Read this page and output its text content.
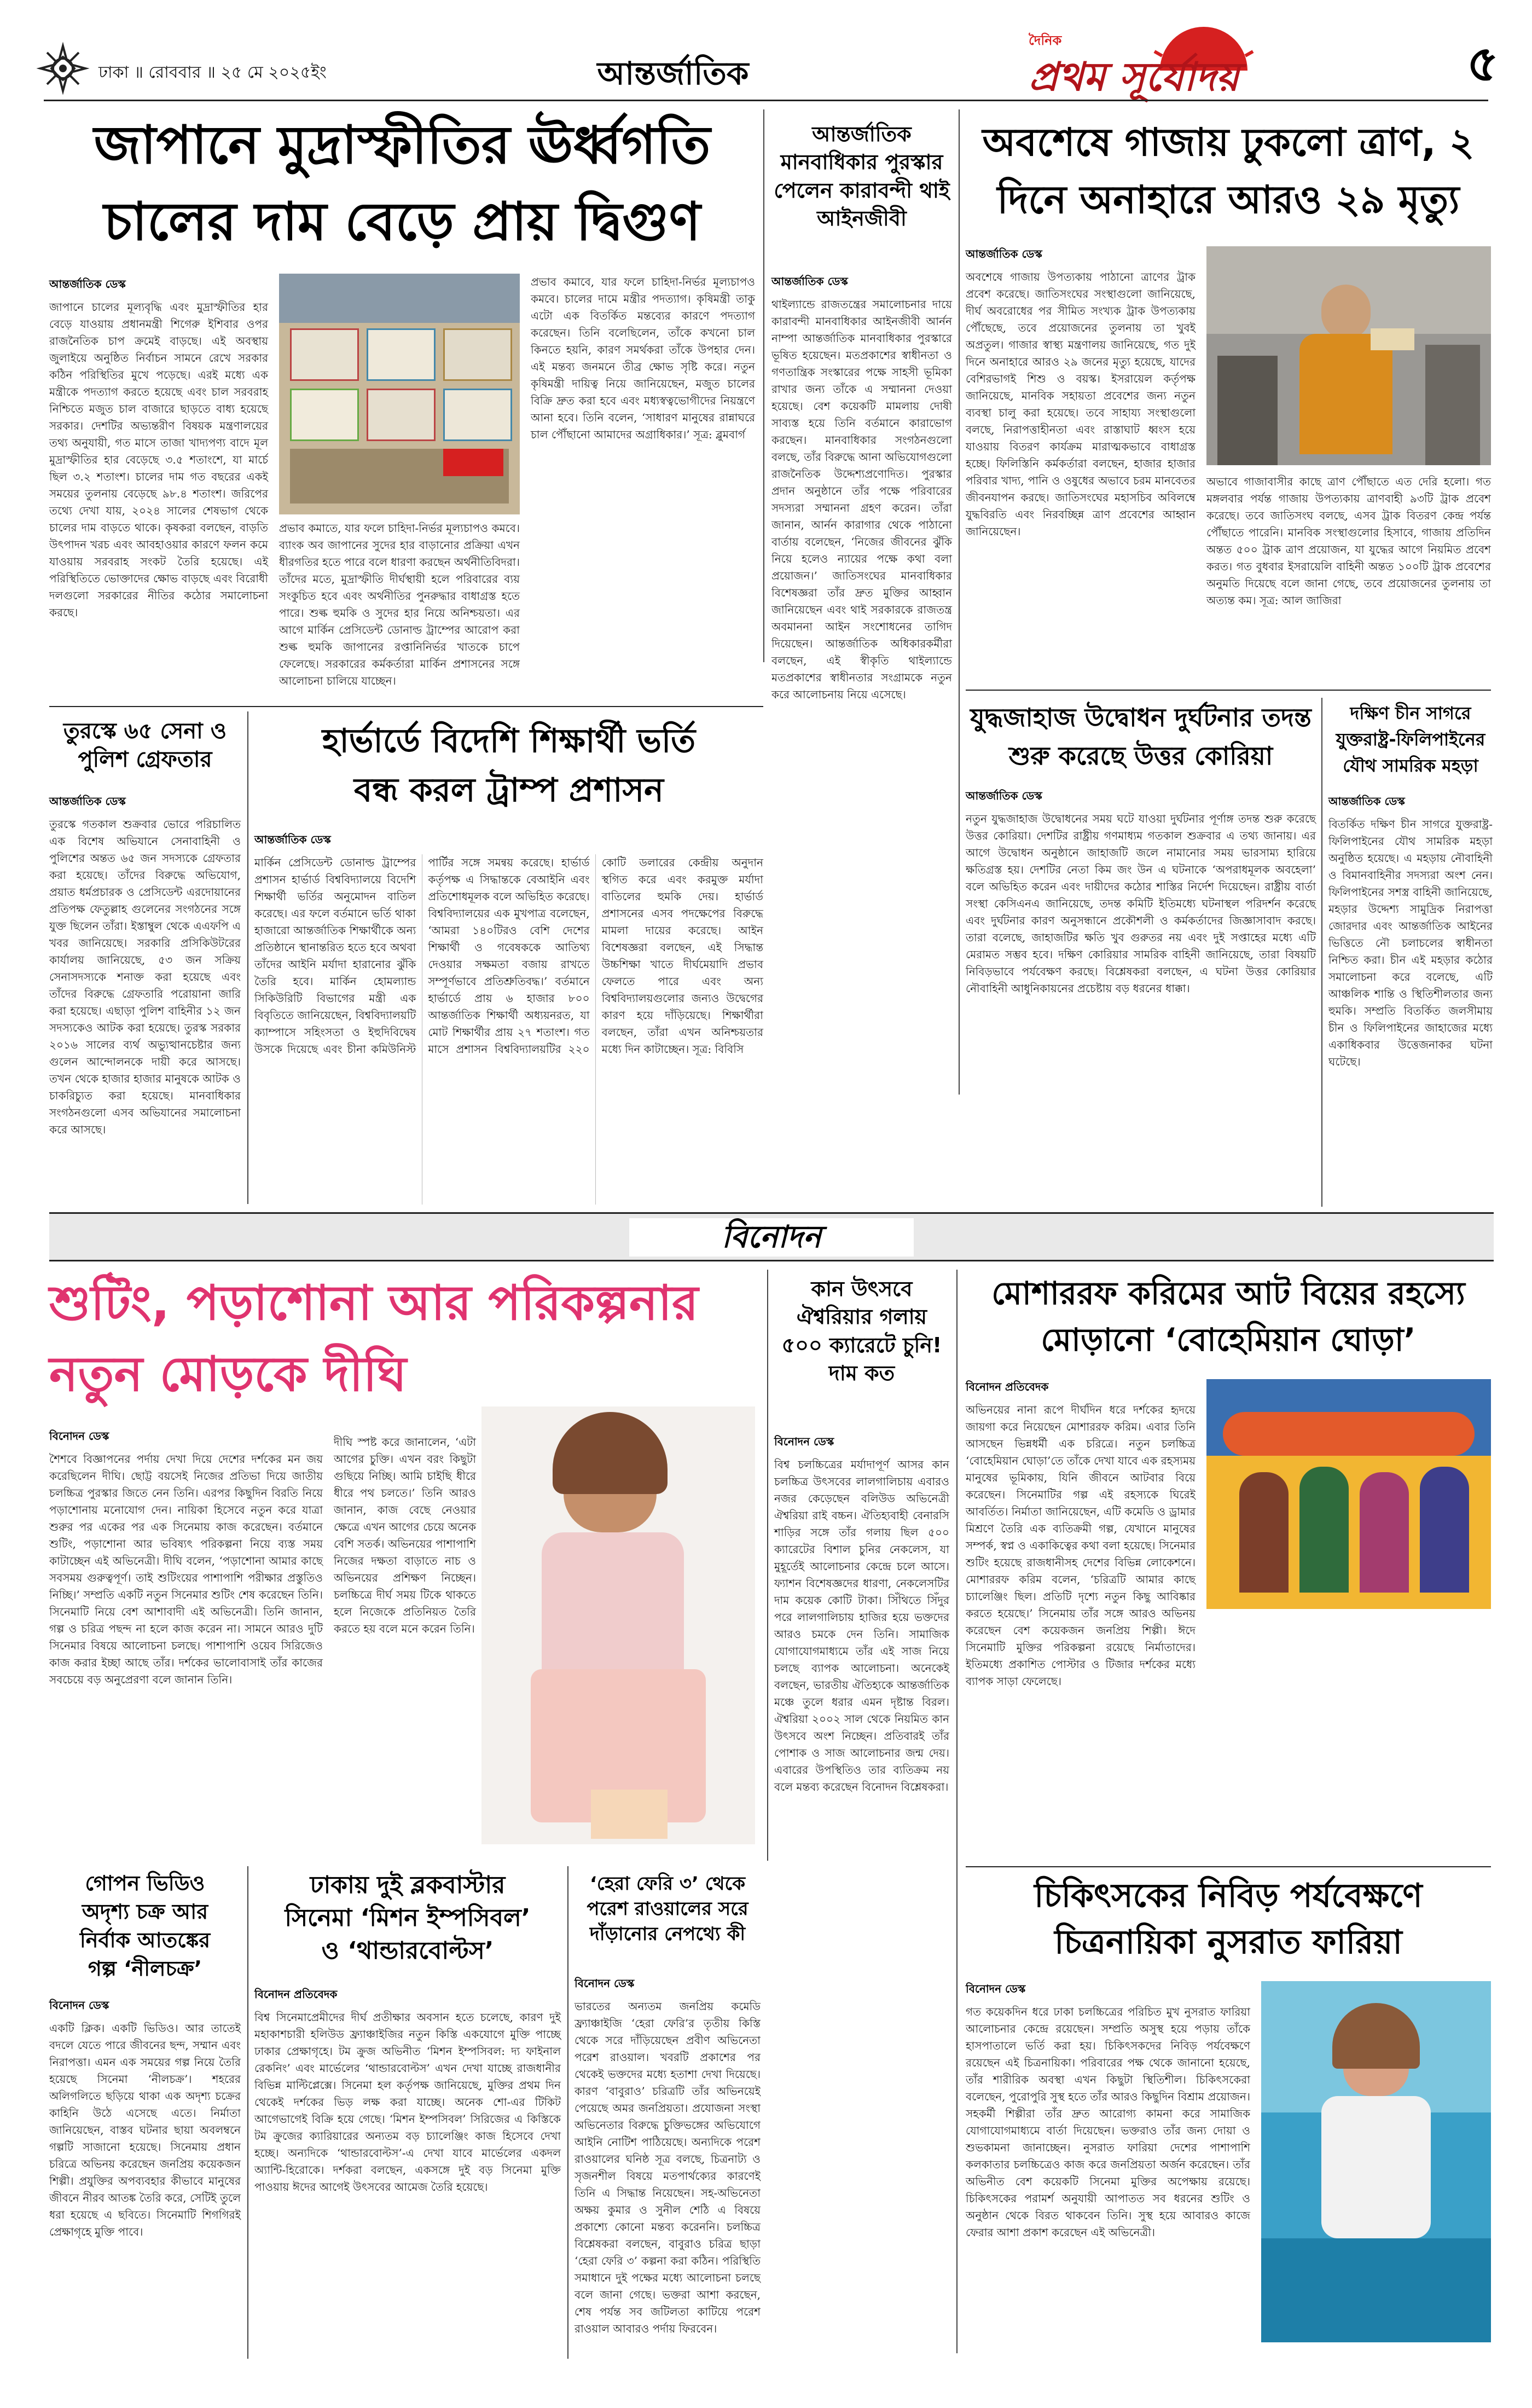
ঢাকা ॥ রোববার ॥ ২৫ মে ২০২৫ইং	আন্তর্জাতিক
দৈনিক
প্রথম সূর্যোদয়	৫
জাপানে মুদ্রাস্ফীতির ঊর্ধ্বগতি
চালের দাম বেড়ে প্রায় দ্বিগুণ

আন্তর্জাতিক ডেস্ক

জাপানে চালের মূল্যবৃদ্ধি এবং মুদ্রাস্ফীতির হার বেড়ে যাওয়ায় প্রধানমন্ত্রী শিগেরু ইশিবার ওপর রাজনৈতিক চাপ ক্রমেই বাড়ছে। এই অবস্থায় জুলাইয়ে অনুষ্ঠিত নির্বাচন সামনে রেখে সরকার কঠিন পরিস্থিতির মুখে পড়েছে। এরই মধ্যে এক মন্ত্রীকে পদত্যাগ করতে হয়েছে এবং চাল সরবরাহ নিশ্চিতে মজুত চাল বাজারে ছাড়তে বাধ্য হয়েছে সরকার। দেশটির অভ্যন্তরীণ বিষয়ক মন্ত্রণালয়ের তথ্য অনুযায়ী, গত মাসে তাজা খাদ্যপণ্য বাদে মূল মুদ্রাস্ফীতির হার বেড়েছে ৩.৫ শতাংশে, যা মার্চে ছিল ৩.২ শতাংশ। চালের দাম গত বছরের একই সময়ের তুলনায় বেড়েছে ৯৮.৪ শতাংশ। জরিপের তথ্যে দেখা যায়, ২০২৪ সালের শেষভাগ থেকে চালের দাম বাড়তে থাকে। কৃষকরা বলছেন, বাড়তি উৎপাদন খরচ এবং আবহাওয়ার কারণে ফলন কমে যাওয়ায় সরবরাহ সংকট তৈরি হয়েছে। এই পরিস্থিতিতে ভোক্তাদের ক্ষোভ বাড়ছে এবং বিরোধী দলগুলো সরকারের নীতির কঠোর সমালোচনা করছে।

প্রভাব কমাতে, যার ফলে চাহিদা-নির্ভর মূল্যচাপও কমবে। ব্যাংক অব জাপানের সুদের হার বাড়ানোর প্রক্রিয়া এখন ধীরগতির হতে পারে বলে ধারণা করছেন অর্থনীতিবিদরা। তাঁদের মতে, মুদ্রাস্ফীতি দীর্ঘস্থায়ী হলে পরিবারের ব্যয় সংকুচিত হবে এবং অর্থনীতির পুনরুদ্ধার বাধাগ্রস্ত হতে পারে। শুল্ক হুমকি ও সুদের হার নিয়ে অনিশ্চয়তা। এর আগে মার্কিন প্রেসিডেন্ট ডোনাল্ড ট্রাম্পের আরোপ করা শুল্ক হুমকি জাপানের রপ্তানিনির্ভর খাতকে চাপে ফেলেছে। সরকারের কর্মকর্তারা মার্কিন প্রশাসনের সঙ্গে আলোচনা চালিয়ে যাচ্ছেন।

প্রভাব কমাবে, যার ফলে চাহিদা-নির্ভর মূল্যচাপও কমবে। চালের দামে মন্ত্রীর পদত্যাগ। কৃষিমন্ত্রী তাকু এটো এক বিতর্কিত মন্তব্যের কারণে পদত্যাগ করেছেন। তিনি বলেছিলেন, তাঁকে কখনো চাল কিনতে হয়নি, কারণ সমর্থকরা তাঁকে উপহার দেন। এই মন্তব্য জনমনে তীব্র ক্ষোভ সৃষ্টি করে। নতুন কৃষিমন্ত্রী দায়িত্ব নিয়ে জানিয়েছেন, মজুত চালের বিক্রি দ্রুত করা হবে এবং মধ্যস্বত্বভোগীদের নিয়ন্ত্রণে আনা হবে। তিনি বলেন, ‘সাধারণ মানুষের রান্নাঘরে চাল পৌঁছানো আমাদের অগ্রাধিকার।’ সূত্র: ব্লুমবার্গ

আন্তর্জাতিক মানবাধিকার পুরস্কার পেলেন কারাবন্দী থাই আইনজীবী

আন্তর্জাতিক ডেস্ক

থাইল্যান্ডে রাজতন্ত্রের সমালোচনার দায়ে কারাবন্দী মানবাধিকার আইনজীবী আর্নন নাম্পা আন্তর্জাতিক মানবাধিকার পুরস্কারে ভূষিত হয়েছেন। মতপ্রকাশের স্বাধীনতা ও গণতান্ত্রিক সংস্কারের পক্ষে সাহসী ভূমিকা রাখার জন্য তাঁকে এ সম্মাননা দেওয়া হয়েছে। বেশ কয়েকটি মামলায় দোষী সাব্যস্ত হয়ে তিনি বর্তমানে কারাভোগ করছেন। মানবাধিকার সংগঠনগুলো বলছে, তাঁর বিরুদ্ধে আনা অভিযোগগুলো রাজনৈতিক উদ্দেশ্যপ্রণোদিত। পুরস্কার প্রদান অনুষ্ঠানে তাঁর পক্ষে পরিবারের সদস্যরা সম্মাননা গ্রহণ করেন। তাঁরা জানান, আর্নন কারাগার থেকে পাঠানো বার্তায় বলেছেন, ‘নিজের জীবনের ঝুঁকি নিয়ে হলেও ন্যায়ের পক্ষে কথা বলা প্রয়োজন।’ জাতিসংঘের মানবাধিকার বিশেষজ্ঞরা তাঁর দ্রুত মুক্তির আহ্বান জানিয়েছেন এবং থাই সরকারকে রাজতন্ত্র অবমাননা আইন সংশোধনের তাগিদ দিয়েছেন। আন্তর্জাতিক অধিকারকর্মীরা বলছেন, এই স্বীকৃতি থাইল্যান্ডে মতপ্রকাশের স্বাধীনতার সংগ্রামকে নতুন করে আলোচনায় নিয়ে এসেছে।

অবশেষে গাজায় ঢুকলো ত্রাণ, ২
দিনে অনাহারে আরও ২৯ মৃত্যু

আন্তর্জাতিক ডেস্ক

অবশেষে গাজায় উপত্যকায় পাঠানো ত্রাণের ট্রাক প্রবেশ করেছে। জাতিসংঘের সংস্থাগুলো জানিয়েছে, দীর্ঘ অবরোধের পর সীমিত সংখ্যক ট্রাক উপত্যকায় পৌঁছেছে, তবে প্রয়োজনের তুলনায় তা খুবই অপ্রতুল। গাজার স্বাস্থ্য মন্ত্রণালয় জানিয়েছে, গত দুই দিনে অনাহারে আরও ২৯ জনের মৃত্যু হয়েছে, যাদের বেশিরভাগই শিশু ও বয়স্ক। ইসরায়েল কর্তৃপক্ষ জানিয়েছে, মানবিক সহায়তা প্রবেশের জন্য নতুন ব্যবস্থা চালু করা হয়েছে। তবে সাহায্য সংস্থাগুলো বলছে, নিরাপত্তাহীনতা এবং রাস্তাঘাট ধ্বংস হয়ে যাওয়ায় বিতরণ কার্যক্রম মারাত্মকভাবে বাধাগ্রস্ত হচ্ছে। ফিলিস্তিনি কর্মকর্তারা বলছেন, হাজার হাজার পরিবার খাদ্য, পানি ও ওষুধের অভাবে চরম মানবেতর জীবনযাপন করছে। জাতিসংঘের মহাসচিব অবিলম্বে যুদ্ধবিরতি এবং নিরবচ্ছিন্ন ত্রাণ প্রবেশের আহ্বান জানিয়েছেন।

অভাবে গাজাবাসীর কাছে ত্রাণ পৌঁছাতে এত দেরি হলো। গত মঙ্গলবার পর্যন্ত গাজায় উপত্যকায় ত্রাণবাহী ৯৩টি ট্রাক প্রবেশ করেছে। তবে জাতিসংঘ বলছে, এসব ট্রাক বিতরণ কেন্দ্র পর্যন্ত পৌঁছাতে পারেনি। মানবিক সংস্থাগুলোর হিসাবে, গাজায় প্রতিদিন অন্তত ৫০০ ট্রাক ত্রাণ প্রয়োজন, যা যুদ্ধের আগে নিয়মিত প্রবেশ করত। গত বুধবার ইসরায়েলি বাহিনী অন্তত ১০০টি ট্রাক প্রবেশের অনুমতি দিয়েছে বলে জানা গেছে, তবে প্রয়োজনের তুলনায় তা অত্যন্ত কম। সূত্র: আল জাজিরা

তুরস্কে ৬৫ সেনা ও পুলিশ গ্রেফতার

আন্তর্জাতিক ডেস্ক

তুরস্কে গতকাল শুক্রবার ভোরে পরিচালিত এক বিশেষ অভিযানে সেনাবাহিনী ও পুলিশের অন্তত ৬৫ জন সদস্যকে গ্রেফতার করা হয়েছে। তাঁদের বিরুদ্ধে অভিযোগ, প্রয়াত ধর্মপ্রচারক ও প্রেসিডেন্ট এরদোয়ানের প্রতিপক্ষ ফেতুল্লাহ গুলেনের সংগঠনের সঙ্গে যুক্ত ছিলেন তাঁরা। ইস্তাম্বুল থেকে এএফপি এ খবর জানিয়েছে। সরকারি প্রসিকিউটরের কার্যালয় জানিয়েছে, ৫৩ জন সক্রিয় সেনাসদস্যকে শনাক্ত করা হয়েছে এবং তাঁদের বিরুদ্ধে গ্রেফতারি পরোয়ানা জারি করা হয়েছে। এছাড়া পুলিশ বাহিনীর ১২ জন সদস্যকেও আটক করা হয়েছে। তুরস্ক সরকার ২০১৬ সালের ব্যর্থ অভ্যুত্থানচেষ্টার জন্য গুলেন আন্দোলনকে দায়ী করে আসছে। তখন থেকে হাজার হাজার মানুষকে আটক ও চাকরিচ্যুত করা হয়েছে। মানবাধিকার সংগঠনগুলো এসব অভিযানের সমালোচনা করে আসছে।

হার্ভার্ডে বিদেশি শিক্ষার্থী ভর্তি
বন্ধ করল ট্রাম্প প্রশাসন

আন্তর্জাতিক ডেস্ক

মার্কিন প্রেসিডেন্ট ডোনাল্ড ট্রাম্পের প্রশাসন হার্ভার্ড বিশ্ববিদ্যালয়ে বিদেশি শিক্ষার্থী ভর্তির অনুমোদন বাতিল করেছে। এর ফলে বর্তমানে ভর্তি থাকা হাজারো আন্তর্জাতিক শিক্ষার্থীকে অন্য প্রতিষ্ঠানে স্থানান্তরিত হতে হবে অথবা তাঁদের আইনি মর্যাদা হারানোর ঝুঁকি তৈরি হবে। মার্কিন হোমল্যান্ড সিকিউরিটি বিভাগের মন্ত্রী এক বিবৃতিতে জানিয়েছেন, বিশ্ববিদ্যালয়টি ক্যাম্পাসে সহিংসতা ও ইহুদিবিদ্বেষ উসকে দিয়েছে এবং চীনা কমিউনিস্ট পার্টির সঙ্গে সমন্বয় করেছে। হার্ভার্ড কর্তৃপক্ষ এ সিদ্ধান্তকে বেআইনি এবং প্রতিশোধমূলক বলে অভিহিত করেছে। বিশ্ববিদ্যালয়ের এক মুখপাত্র বলেছেন, ‘আমরা ১৪০টিরও বেশি দেশের শিক্ষার্থী ও গবেষককে আতিথ্য দেওয়ার সক্ষমতা বজায় রাখতে সম্পূর্ণভাবে প্রতিশ্রুতিবদ্ধ।’ বর্তমানে হার্ভার্ডে প্রায় ৬ হাজার ৮০০ আন্তর্জাতিক শিক্ষার্থী অধ্যয়নরত, যা মোট শিক্ষার্থীর প্রায় ২৭ শতাংশ। গত মাসে প্রশাসন বিশ্ববিদ্যালয়টির ২২০ কোটি ডলারের কেন্দ্রীয় অনুদান স্থগিত করে এবং করমুক্ত মর্যাদা বাতিলের হুমকি দেয়। হার্ভার্ড প্রশাসনের এসব পদক্ষেপের বিরুদ্ধে মামলা দায়ের করেছে। আইন বিশেষজ্ঞরা বলছেন, এই সিদ্ধান্ত উচ্চশিক্ষা খাতে দীর্ঘমেয়াদি প্রভাব ফেলতে পারে এবং অন্য বিশ্ববিদ্যালয়গুলোর জন্যও উদ্বেগের কারণ হয়ে দাঁড়িয়েছে। শিক্ষার্থীরা বলছেন, তাঁরা এখন অনিশ্চয়তার মধ্যে দিন কাটাচ্ছেন। সূত্র: বিবিসি

যুদ্ধজাহাজ উদ্বোধন দুর্ঘটনার তদন্ত
শুরু করেছে উত্তর কোরিয়া

আন্তর্জাতিক ডেস্ক

নতুন যুদ্ধজাহাজ উদ্বোধনের সময় ঘটে যাওয়া দুর্ঘটনার পূর্ণাঙ্গ তদন্ত শুরু করেছে উত্তর কোরিয়া। দেশটির রাষ্ট্রীয় গণমাধ্যম গতকাল শুক্রবার এ তথ্য জানায়। এর আগে উদ্বোধন অনুষ্ঠানে জাহাজটি জলে নামানোর সময় ভারসাম্য হারিয়ে ক্ষতিগ্রস্ত হয়। দেশটির নেতা কিম জং উন এ ঘটনাকে ‘অপরাধমূলক অবহেলা’ বলে অভিহিত করেন এবং দায়ীদের কঠোর শাস্তির নির্দেশ দিয়েছেন। রাষ্ট্রীয় বার্তা সংস্থা কেসিএনএ জানিয়েছে, তদন্ত কমিটি ইতিমধ্যে ঘটনাস্থল পরিদর্শন করেছে এবং দুর্ঘটনার কারণ অনুসন্ধানে প্রকৌশলী ও কর্মকর্তাদের জিজ্ঞাসাবাদ করছে। তারা বলেছে, জাহাজটির ক্ষতি খুব গুরুতর নয় এবং দুই সপ্তাহের মধ্যে এটি মেরামত সম্ভব হবে। দক্ষিণ কোরিয়ার সামরিক বাহিনী জানিয়েছে, তারা বিষয়টি নিবিড়ভাবে পর্যবেক্ষণ করছে। বিশ্লেষকরা বলছেন, এ ঘটনা উত্তর কোরিয়ার নৌবাহিনী আধুনিকায়নের প্রচেষ্টায় বড় ধরনের ধাক্কা।

দক্ষিণ চীন সাগরে
যুক্তরাষ্ট্র-ফিলিপাইনের
যৌথ সামরিক মহড়া

আন্তর্জাতিক ডেস্ক

বিতর্কিত দক্ষিণ চীন সাগরে যুক্তরাষ্ট্র-ফিলিপাইনের যৌথ সামরিক মহড়া অনুষ্ঠিত হয়েছে। এ মহড়ায় নৌবাহিনী ও বিমানবাহিনীর সদস্যরা অংশ নেন। ফিলিপাইনের সশস্ত্র বাহিনী জানিয়েছে, মহড়ার উদ্দেশ্য সামুদ্রিক নিরাপত্তা জোরদার এবং আন্তর্জাতিক আইনের ভিত্তিতে নৌ চলাচলের স্বাধীনতা নিশ্চিত করা। চীন এই মহড়ার কঠোর সমালোচনা করে বলেছে, এটি আঞ্চলিক শান্তি ও স্থিতিশীলতার জন্য হুমকি। সম্প্রতি বিতর্কিত জলসীমায় চীন ও ফিলিপাইনের জাহাজের মধ্যে একাধিকবার উত্তেজনাকর ঘটনা ঘটেছে।

বিনোদন
শুটিং, পড়াশোনা আর পরিকল্পনার
নতুন মোড়কে দীঘি

বিনোদন ডেস্ক

শৈশবে বিজ্ঞাপনের পর্দায় দেখা দিয়ে দেশের দর্শকের মন জয় করেছিলেন দীঘি। ছোট্ট বয়সেই নিজের প্রতিভা দিয়ে জাতীয় চলচ্চিত্র পুরস্কার জিতে নেন তিনি। এরপর কিছুদিন বিরতি নিয়ে পড়াশোনায় মনোযোগ দেন। নায়িকা হিসেবে নতুন করে যাত্রা শুরুর পর একের পর এক সিনেমায় কাজ করেছেন। বর্তমানে শুটিং, পড়াশোনা আর ভবিষ্যৎ পরিকল্পনা নিয়ে ব্যস্ত সময় কাটাচ্ছেন এই অভিনেত্রী। দীঘি বলেন, ‘পড়াশোনা আমার কাছে সবসময় গুরুত্বপূর্ণ। তাই শুটিংয়ের পাশাপাশি পরীক্ষার প্রস্তুতিও নিচ্ছি।’ সম্প্রতি একটি নতুন সিনেমার শুটিং শেষ করেছেন তিনি। সিনেমাটি নিয়ে বেশ আশাবাদী এই অভিনেত্রী। তিনি জানান, গল্প ও চরিত্র পছন্দ না হলে কাজ করেন না। সামনে আরও দুটি সিনেমার বিষয়ে আলোচনা চলছে। পাশাপাশি ওয়েব সিরিজেও কাজ করার ইচ্ছা আছে তাঁর। দর্শকের ভালোবাসাই তাঁর কাজের সবচেয়ে বড় অনুপ্রেরণা বলে জানান তিনি।

দীঘি স্পষ্ট করে জানালেন, ‘এটা আগের চুক্তি। এখন বরং কিছুটা গুছিয়ে নিচ্ছি। আমি চাইছি ধীরে ধীরে পথ চলতে।’ তিনি আরও জানান, কাজ বেছে নেওয়ার ক্ষেত্রে এখন আগের চেয়ে অনেক বেশি সতর্ক। অভিনয়ের পাশাপাশি নিজের দক্ষতা বাড়াতে নাচ ও অভিনয়ের প্রশিক্ষণ নিচ্ছেন। চলচ্চিত্রে দীর্ঘ সময় টিকে থাকতে হলে নিজেকে প্রতিনিয়ত তৈরি করতে হয় বলে মনে করেন তিনি।

কান উৎসবে ঐশ্বরিয়ার গলায় ৫০০ ক্যারেটে চুনি! দাম কত

বিনোদন ডেস্ক

বিশ্ব চলচ্চিত্রের মর্যাদাপূর্ণ আসর কান চলচ্চিত্র উৎসবের লালগালিচায় এবারও নজর কেড়েছেন বলিউড অভিনেত্রী ঐশ্বরিয়া রাই বচ্চন। ঐতিহ্যবাহী বেনারসি শাড়ির সঙ্গে তাঁর গলায় ছিল ৫০০ ক্যারেটের বিশাল চুনির নেকলেস, যা মুহূর্তেই আলোচনার কেন্দ্রে চলে আসে। ফ্যাশন বিশেষজ্ঞদের ধারণা, নেকলেসটির দাম কয়েক কোটি টাকা। সিঁথিতে সিঁদুর পরে লালগালিচায় হাজির হয়ে ভক্তদের আরও চমকে দেন তিনি। সামাজিক যোগাযোগমাধ্যমে তাঁর এই সাজ নিয়ে চলছে ব্যাপক আলোচনা। অনেকেই বলছেন, ভারতীয় ঐতিহ্যকে আন্তর্জাতিক মঞ্চে তুলে ধরার এমন দৃষ্টান্ত বিরল। ঐশ্বরিয়া ২০০২ সাল থেকে নিয়মিত কান উৎসবে অংশ নিচ্ছেন। প্রতিবারই তাঁর পোশাক ও সাজ আলোচনার জন্ম দেয়। এবারের উপস্থিতিও তার ব্যতিক্রম নয় বলে মন্তব্য করেছেন বিনোদন বিশ্লেষকরা।

মোশাররফ করিমের আট বিয়ের রহস্যে
মোড়ানো ‘বোহেমিয়ান ঘোড়া’

বিনোদন প্রতিবেদক

অভিনয়ের নানা রূপে দীর্ঘদিন ধরে দর্শকের হৃদয়ে জায়গা করে নিয়েছেন মোশাররফ করিম। এবার তিনি আসছেন ভিন্নধর্মী এক চরিত্রে। নতুন চলচ্চিত্র ‘বোহেমিয়ান ঘোড়া’তে তাঁকে দেখা যাবে এক রহস্যময় মানুষের ভূমিকায়, যিনি জীবনে আটবার বিয়ে করেছেন। সিনেমাটির গল্প এই রহস্যকে ঘিরেই আবর্তিত। নির্মাতা জানিয়েছেন, এটি কমেডি ও ড্রামার মিশ্রণে তৈরি এক ব্যতিক্রমী গল্প, যেখানে মানুষের সম্পর্ক, স্বপ্ন ও একাকিত্বের কথা বলা হয়েছে। সিনেমার শুটিং হয়েছে রাজধানীসহ দেশের বিভিন্ন লোকেশনে। মোশাররফ করিম বলেন, ‘চরিত্রটি আমার কাছে চ্যালেঞ্জিং ছিল। প্রতিটি দৃশ্যে নতুন কিছু আবিষ্কার করতে হয়েছে।’ সিনেমায় তাঁর সঙ্গে আরও অভিনয় করেছেন বেশ কয়েকজন জনপ্রিয় শিল্পী। ঈদে সিনেমাটি মুক্তির পরিকল্পনা রয়েছে নির্মাতাদের। ইতিমধ্যে প্রকাশিত পোস্টার ও টিজার দর্শকের মধ্যে ব্যাপক সাড়া ফেলেছে।

গোপন ভিডিও
অদৃশ্য চক্র আর
নির্বাক আতঙ্কের
গল্প ‘নীলচক্র’

বিনোদন ডেস্ক

একটি ক্লিক। একটি ভিডিও। আর তাতেই বদলে যেতে পারে জীবনের ছন্দ, সম্মান এবং নিরাপত্তা। এমন এক সময়ের গল্প নিয়ে তৈরি হয়েছে সিনেমা ‘নীলচক্র’। শহরের অলিগলিতে ছড়িয়ে থাকা এক অদৃশ্য চক্রের কাহিনি উঠে এসেছে এতে। নির্মাতা জানিয়েছেন, বাস্তব ঘটনার ছায়া অবলম্বনে গল্পটি সাজানো হয়েছে। সিনেমায় প্রধান চরিত্রে অভিনয় করেছেন জনপ্রিয় কয়েকজন শিল্পী। প্রযুক্তির অপব্যবহার কীভাবে মানুষের জীবনে নীরব আতঙ্ক তৈরি করে, সেটিই তুলে ধরা হয়েছে এ ছবিতে। সিনেমাটি শিগগিরই প্রেক্ষাগৃহে মুক্তি পাবে।

ঢাকায় দুই ব্লকবাস্টার
সিনেমা ‘মিশন ইম্পসিবল’
ও ‘থান্ডারবোল্টস’

বিনোদন প্রতিবেদক

বিশ্ব সিনেমাপ্রেমীদের দীর্ঘ প্রতীক্ষার অবসান হতে চলেছে, কারণ দুই মহাকাশচারী হলিউড ফ্র্যাঞ্চাইজির নতুন কিস্তি একযোগে মুক্তি পাচ্ছে ঢাকার প্রেক্ষাগৃহে। টম ক্রুজ অভিনীত ‘মিশন ইম্পসিবল: দ্য ফাইনাল রেকনিং’ এবং মার্ভেলের ‘থান্ডারবোল্টস’ এখন দেখা যাচ্ছে রাজধানীর বিভিন্ন মাল্টিপ্লেক্সে। সিনেমা হল কর্তৃপক্ষ জানিয়েছে, মুক্তির প্রথম দিন থেকেই দর্শকের ভিড় লক্ষ করা যাচ্ছে। অনেক শো-এর টিকিট আগেভাগেই বিক্রি হয়ে গেছে। ‘মিশন ইম্পসিবল’ সিরিজের এ কিস্তিকে টম ক্রুজের ক্যারিয়ারের অন্যতম বড় চ্যালেঞ্জিং কাজ হিসেবে দেখা হচ্ছে। অন্যদিকে ‘থান্ডারবোল্টস’-এ দেখা যাবে মার্ভেলের একদল অ্যান্টি-হিরোকে। দর্শকরা বলছেন, একসঙ্গে দুই বড় সিনেমা মুক্তি পাওয়ায় ঈদের আগেই উৎসবের আমেজ তৈরি হয়েছে।

‘হেরা ফেরি ৩’ থেকে পরেশ রাওয়ালের সরে দাঁড়ানোর নেপথ্যে কী

বিনোদন ডেস্ক

ভারতের অন্যতম জনপ্রিয় কমেডি ফ্র্যাঞ্চাইজি ‘হেরা ফেরি’র তৃতীয় কিস্তি থেকে সরে দাঁড়িয়েছেন প্রবীণ অভিনেতা পরেশ রাওয়াল। খবরটি প্রকাশের পর থেকেই ভক্তদের মধ্যে হতাশা দেখা দিয়েছে। কারণ ‘বাবুরাও’ চরিত্রটি তাঁর অভিনয়েই পেয়েছে অমর জনপ্রিয়তা। প্রযোজনা সংস্থা অভিনেতার বিরুদ্ধে চুক্তিভঙ্গের অভিযোগে আইনি নোটিশ পাঠিয়েছে। অন্যদিকে পরেশ রাওয়ালের ঘনিষ্ঠ সূত্র বলছে, চিত্রনাট্য ও সৃজনশীল বিষয়ে মতপার্থক্যের কারণেই তিনি এ সিদ্ধান্ত নিয়েছেন। সহ-অভিনেতা অক্ষয় কুমার ও সুনীল শেঠি এ বিষয়ে প্রকাশ্যে কোনো মন্তব্য করেননি। চলচ্চিত্র বিশ্লেষকরা বলছেন, বাবুরাও চরিত্র ছাড়া ‘হেরা ফেরি ৩’ কল্পনা করা কঠিন। পরিস্থিতি সমাধানে দুই পক্ষের মধ্যে আলোচনা চলছে বলে জানা গেছে। ভক্তরা আশা করছেন, শেষ পর্যন্ত সব জটিলতা কাটিয়ে পরেশ রাওয়াল আবারও পর্দায় ফিরবেন।

চিকিৎসকের নিবিড় পর্যবেক্ষণে
চিত্রনায়িকা নুসরাত ফারিয়া

বিনোদন ডেস্ক

গত কয়েকদিন ধরে ঢাকা চলচ্চিত্রের পরিচিত মুখ নুসরাত ফারিয়া আলোচনার কেন্দ্রে রয়েছেন। সম্প্রতি অসুস্থ হয়ে পড়ায় তাঁকে হাসপাতালে ভর্তি করা হয়। চিকিৎসকদের নিবিড় পর্যবেক্ষণে রয়েছেন এই চিত্রনায়িকা। পরিবারের পক্ষ থেকে জানানো হয়েছে, তাঁর শারীরিক অবস্থা এখন কিছুটা স্থিতিশীল। চিকিৎসকেরা বলেছেন, পুরোপুরি সুস্থ হতে তাঁর আরও কিছুদিন বিশ্রাম প্রয়োজন। সহকর্মী শিল্পীরা তাঁর দ্রুত আরোগ্য কামনা করে সামাজিক যোগাযোগমাধ্যমে বার্তা দিয়েছেন। ভক্তরাও তাঁর জন্য দোয়া ও শুভকামনা জানাচ্ছেন। নুসরাত ফারিয়া দেশের পাশাপাশি কলকাতার চলচ্চিত্রেও কাজ করে জনপ্রিয়তা অর্জন করেছেন। তাঁর অভিনীত বেশ কয়েকটি সিনেমা মুক্তির অপেক্ষায় রয়েছে। চিকিৎসকের পরামর্শ অনুযায়ী আপাতত সব ধরনের শুটিং ও অনুষ্ঠান থেকে বিরত থাকবেন তিনি। সুস্থ হয়ে আবারও কাজে ফেরার আশা প্রকাশ করেছেন এই অভিনেত্রী।
